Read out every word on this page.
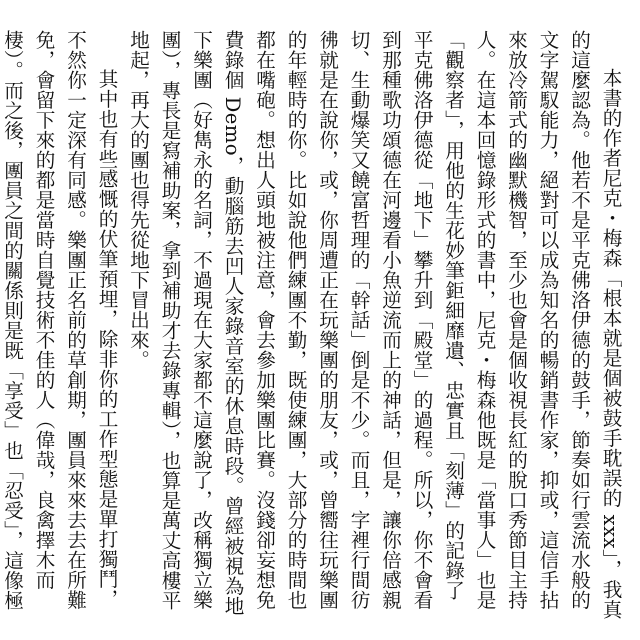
本書的作者尼克・梅森「根本就是個被鼓手耽誤的 xxx」，我真的這麼認為。他若不是平克佛洛伊德的鼓手，節奏如行雲流水般的文字駕馭能力，絕對可以成為知名的暢銷書作家，抑或，這信手拈來放冷箭式的幽默機智，至少也會是個收視長紅的脫口秀節目主持人。在這本回憶錄形式的書中，尼克・梅森他既是「當事人」也是「觀察者」，用他的生花妙筆鉅細靡遺、忠實且「刻薄」的記錄了平克佛洛伊德從「地下」攀升到「殿堂」的過程。所以，你不會看到那種歌功頌德在河邊看小魚逆流而上的神話，但是，讓你倍感親切、生動爆笑又饒富哲理的「幹話」倒是不少。而且，字裡行間彷彿就是在說你，或，你周遭正在玩樂團的朋友，或，曾嚮往玩樂團的年輕時的你。比如說他們練團不勤，既使練團，大部分的時間也都在嘴砲。想出人頭地被注意，會去參加樂團比賽。沒錢卻妄想免費錄個 Demo，動腦筋去凹人家錄音室的休息時段。曾經被視為地下樂團（好雋永的名詞，不過現在大家都不這麼說了，改稱獨立樂團），專長是寫補助案，拿到補助才去錄專輯），也算是萬丈高樓平地起，再大的團也得先從地下冒出來。

其中也有些感慨的伏筆預埋，除非你的工作型態是單打獨鬥，不然你一定深有同感。樂團正名前的草創期，團員來來去去在所難免，會留下來的都是當時自覺技術不佳的人（偉哉，良禽擇木而棲）。而之後，團員之間的關係則是既「享受」也「忍受」，這像極
